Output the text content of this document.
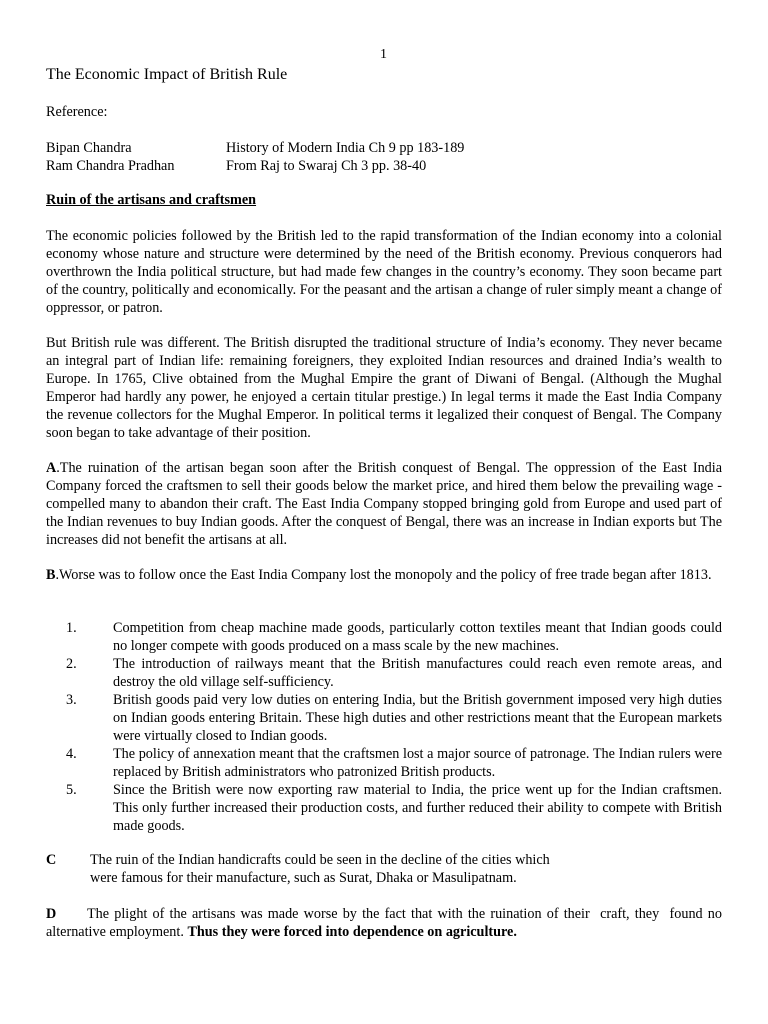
1
The Economic Impact of British Rule
Reference:
Bipan Chandra	History of Modern India Ch 9 pp 183-189
Ram Chandra Pradhan	From Raj to Swaraj Ch 3 pp. 38-40
Ruin of the artisans and craftsmen
The economic policies followed by the British led to the rapid transformation of the Indian economy into a colonial economy whose nature and structure were determined by the need of the British economy. Previous conquerors had overthrown the India political structure, but had made few changes in the country’s economy. They soon became part of the country, politically and economically. For the peasant and the artisan a change of ruler simply meant a change of oppressor, or patron.
But British rule was different. The British disrupted the traditional structure of India’s economy. They never became an integral part of Indian life: remaining foreigners, they exploited Indian resources and drained India’s wealth to Europe. In 1765, Clive obtained from the Mughal Empire the grant of Diwani of Bengal. (Although the Mughal Emperor had hardly any power, he enjoyed a certain titular prestige.) In legal terms it made the East India Company the revenue collectors for the Mughal Emperor. In political terms it legalized their conquest of Bengal. The Company soon began to take advantage of their position.
A.The ruination of the artisan began soon after the British conquest of Bengal. The oppression of the East India Company forced the craftsmen to sell their goods below the market price, and hired them below the prevailing wage - compelled many to abandon their craft. The East India Company stopped bringing gold from Europe and used part of the Indian revenues to buy Indian goods. After the conquest of Bengal, there was an increase in Indian exports but The increases did not benefit the artisans at all.
B.Worse was to follow once the East India Company lost the monopoly and the policy of free trade began after 1813.
1.	Competition from cheap machine made goods, particularly cotton textiles meant that Indian goods could no longer compete with goods produced on a mass scale by the new machines.
2.	The introduction of railways meant that the British manufactures could reach even remote areas, and destroy the old village self-sufficiency.
3.	British goods paid very low duties on entering India, but the British government imposed very high duties on Indian goods entering Britain. These high duties and other restrictions meant that the European markets were virtually closed to Indian goods.
4.	The policy of annexation meant that the craftsmen lost a major source of patronage. The Indian rulers were replaced by British administrators who patronized British products.
5.	Since the British were now exporting raw material to India, the price went up for the Indian craftsmen. This only further increased their production costs, and further reduced their ability to compete with British made goods.
C The ruin of the Indian handicrafts could be seen in the decline of the cities which
were famous for their manufacture, such as Surat, Dhaka or Masulipatnam.
D      The plight of the artisans was made worse by the fact that with the ruination of their  craft, they  found no alternative employment. Thus they were forced into dependence on agriculture.
